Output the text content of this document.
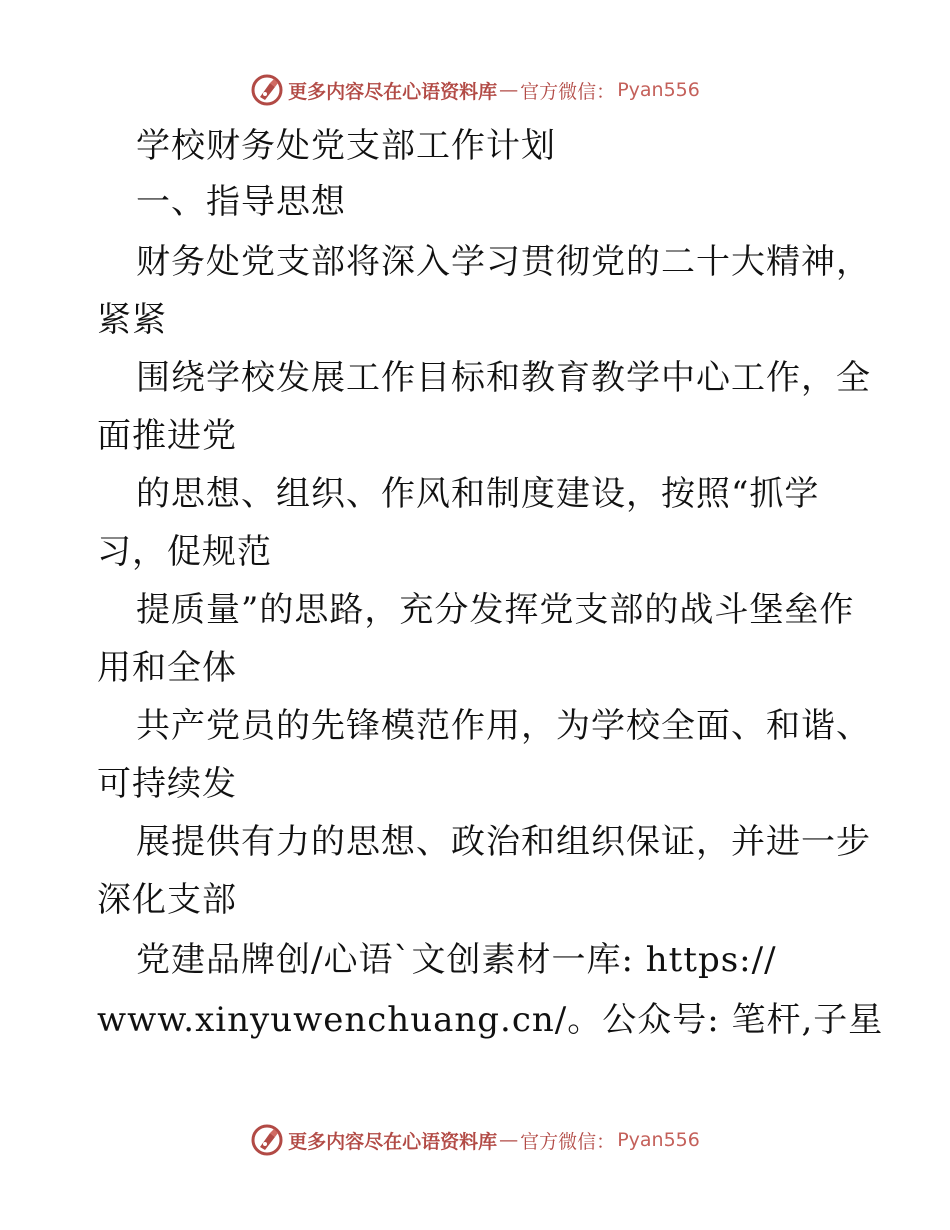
更多内容尽在心语资料库 — 官方微信： Pyan556
学校财务处党支部工作计划
一、指导思想
财务处党支部将深入学习贯彻党的二十大精神，
紧紧
围绕学校发展工作目标和教育教学中心工作，全
面推进党
的思想、组织、作风和制度建设，按照“抓学
习，促规范
提质量”的思路，充分发挥党支部的战斗堡垒作
用和全体
共产党员的先锋模范作用，为学校全面、和谐、
可持续发
展提供有力的思想、政治和组织保证，并进一步
深化支部
党建品牌创/心语`文创素材一库: https://
www.xinyuwenchuang.cn/。公众号: 笔杆,子星
更多内容尽在心语资料库 — 官方微信： Pyan556
